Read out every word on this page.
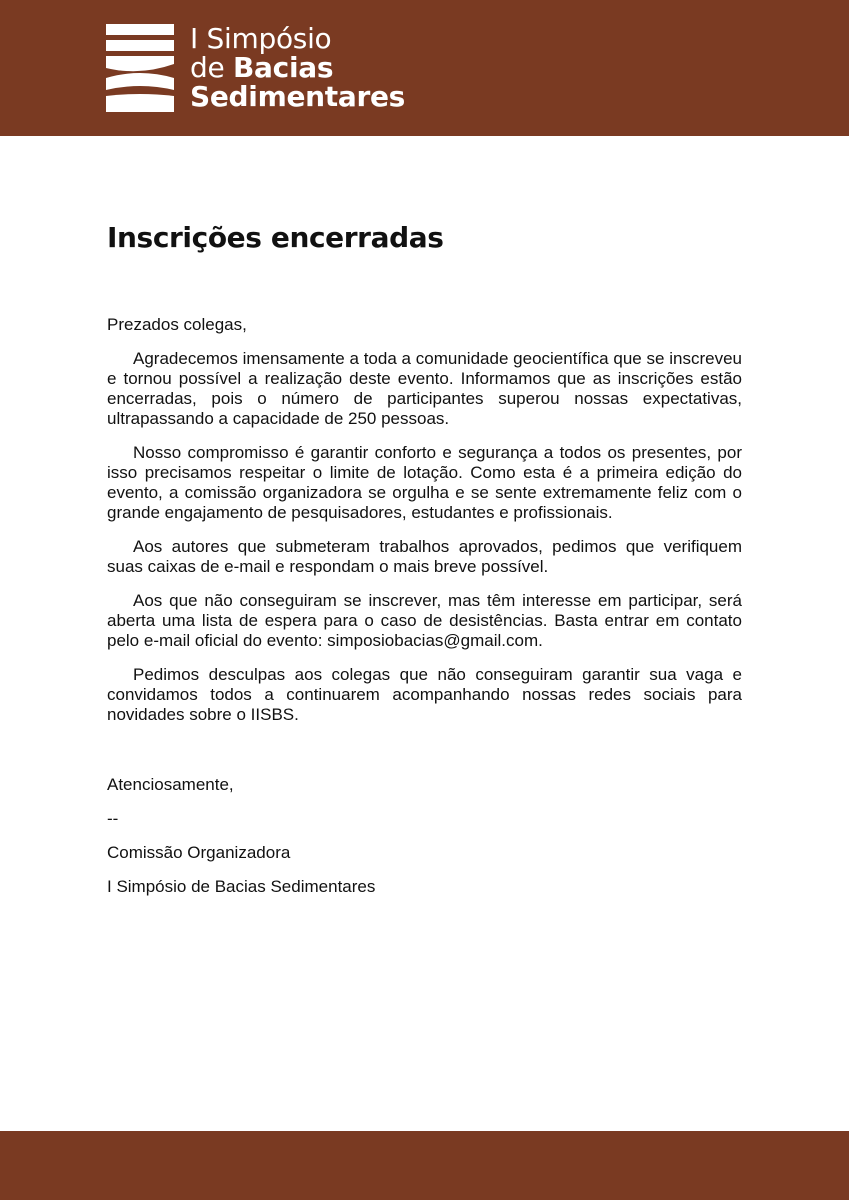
I Simpósio
de Bacias
Sedimentares
Inscrições encerradas

Prezados colegas,

Agradecemos imensamente a toda a comunidade geocientífica que se inscreveu e tornou possível a realização deste evento. Informamos que as inscrições estão encerradas, pois o número de participantes superou nossas expectativas, ultrapassando a capacidade de 250 pessoas.

Nosso compromisso é garantir conforto e segurança a todos os presentes, por isso precisamos respeitar o limite de lotação. Como esta é a primeira edição do evento, a comissão organizadora se orgulha e se sente extremamente feliz com o grande engajamento de pesquisadores, estudantes e profissionais.

Aos autores que submeteram trabalhos aprovados, pedimos que verifiquem suas caixas de e-mail e respondam o mais breve possível.

Aos que não conseguiram se inscrever, mas têm interesse em participar, será aberta uma lista de espera para o caso de desistências. Basta entrar em contato pelo e-mail oficial do evento: simposiobacias@gmail.com.

Pedimos desculpas aos colegas que não conseguiram garantir sua vaga e convidamos todos a continuarem acompanhando nossas redes sociais para novidades sobre o IISBS.

Atenciosamente,

--

Comissão Organizadora

I Simpósio de Bacias Sedimentares
